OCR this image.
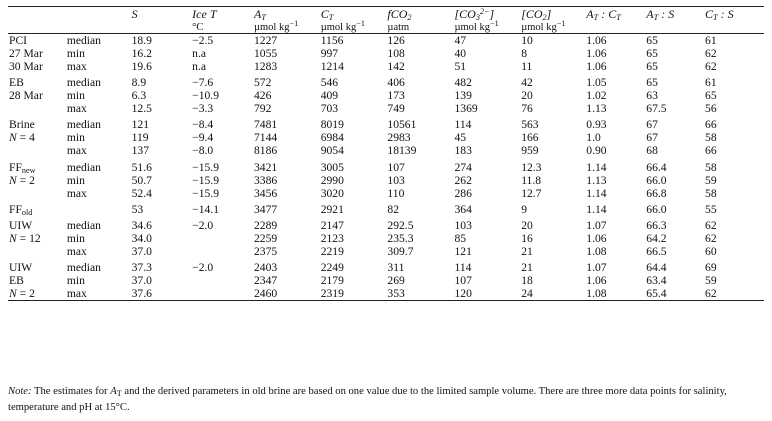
		S	Ice T	$A_T$	$C_T$	fCO$_2$	$[CO_3^{2-}]$	$[CO_2]$	$A_T$ : $C_T$	$A_T$ : S	$C_T$ : S
			°C	µmol $kg^{-1}$	µmol $kg^{-1}$	µatm	µmol $kg^{-1}$	µmol $kg^{-1}$			
PCI	median	18.9	−2.5	1227	1156	126	47	10	1.06	65	61
27 Mar	min	16.2	n.a	1055	997	108	40	8	1.06	65	62
30 Mar	max	19.6	n.a	1283	1214	142	51	11	1.06	65	62
EB	median	8.9	−7.6	572	546	406	482	42	1.05	65	61
28 Mar	min	6.3	−10.9	426	409	173	139	20	1.02	63	65
	max	12.5	−3.3	792	703	749	1369	76	1.13	67.5	56
Brine	median	121	−8.4	7481	8019	10561	114	563	0.93	67	66
N = 4	min	119	−9.4	7144	6984	2983	45	166	1.0	67	58
	max	137	−8.0	8186	9054	18139	183	959	0.90	68	66
$FF_{new}$	median	51.6	−15.9	3421	3005	107	274	12.3	1.14	66.4	58
N = 2	min	50.7	−15.9	3386	2990	103	262	11.8	1.13	66.0	59
	max	52.4	−15.9	3456	3020	110	286	12.7	1.14	66.8	58
$FF_{old}$		53	−14.1	3477	2921	82	364	9	1.14	66.0	55
UIW	median	34.6	−2.0	2289	2147	292.5	103	20	1.07	66.3	62
N = 12	min	34.0		2259	2123	235.3	85	16	1.06	64.2	62
	max	37.0		2375	2219	309.7	121	21	1.08	66.5	60
UIW	median	37.3	−2.0	2403	2249	311	114	21	1.07	64.4	69
EB	min	37.0		2347	2179	269	107	18	1.06	63.4	59
N = 2	max	37.6		2460	2319	353	120	24	1.08	65.4	62
Note: The estimates for $A_T$ and the derived parameters in old brine are based on one value due to the limited sample volume. There are three more data points for salinity, temperature and pH at 15°C.
